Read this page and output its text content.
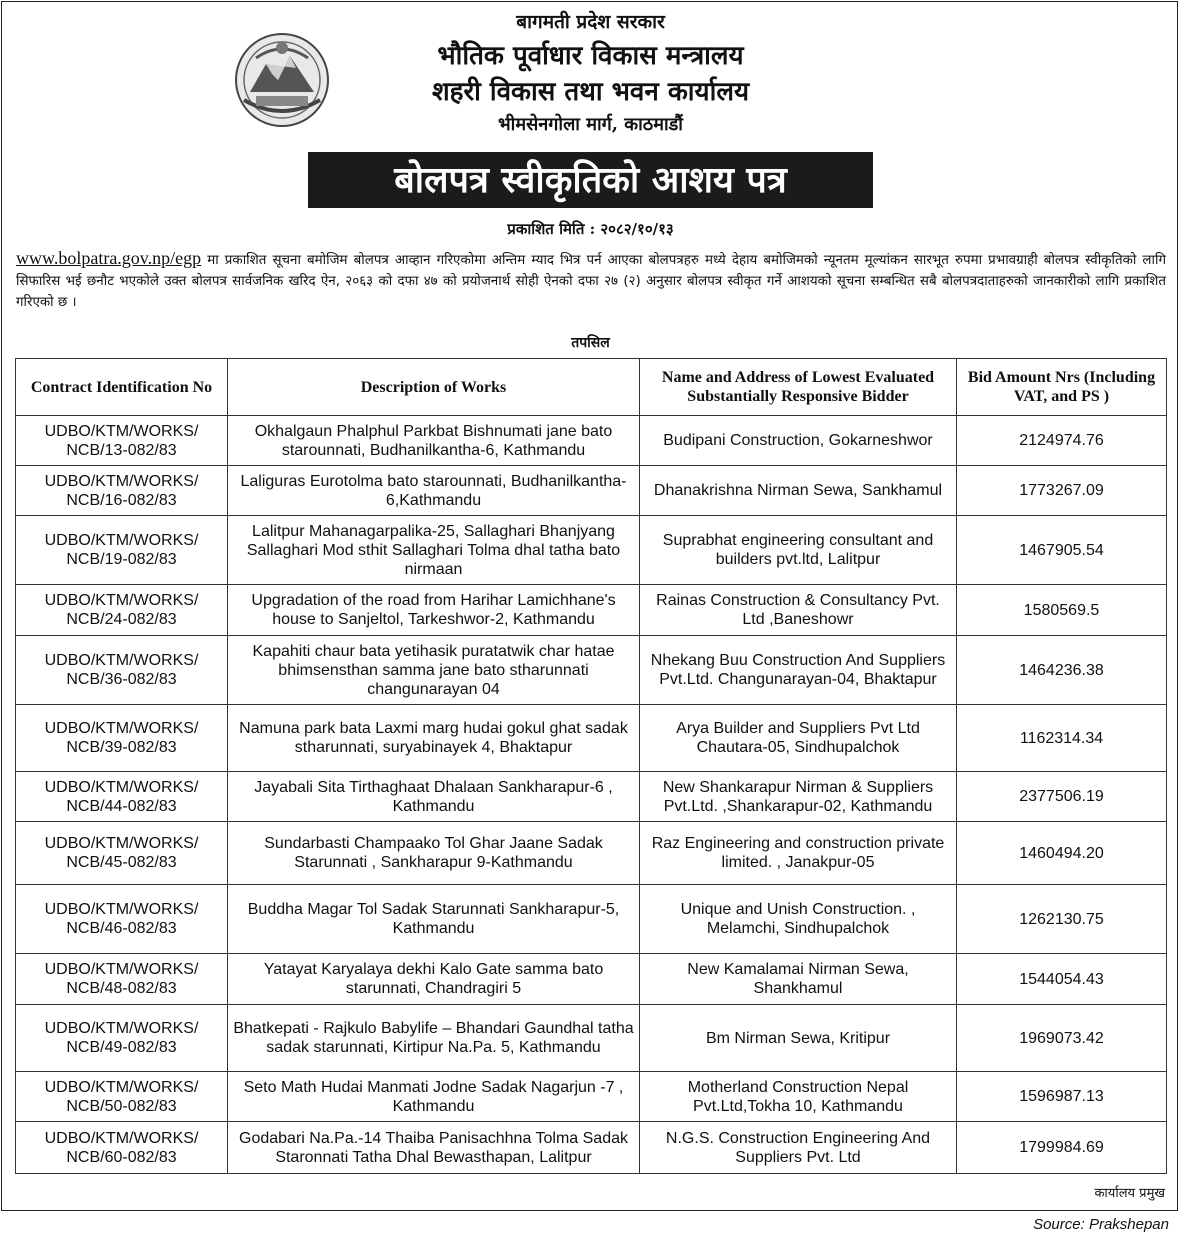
बागमती प्रदेश सरकार
भौतिक पूर्वाधार विकास मन्त्रालय
शहरी विकास तथा भवन कार्यालय
भीमसेनगोला मार्ग, काठमाडौं
बोलपत्र स्वीकृतिको आशय पत्र
प्रकाशित मिति : २०८२/१०/१३
www.bolpatra.gov.np/egp मा प्रकाशित सूचना बमोजिम बोलपत्र आव्हान गरिएकोमा अन्तिम म्याद भित्र पर्न आएका बोलपत्रहरु मध्ये देहाय बमोजिमको न्यूनतम मूल्यांकन सारभूत रुपमा प्रभावग्राही बोलपत्र स्वीकृतिको लागि सिफारिस भई छनौट भएकोले उक्त बोलपत्र सार्वजनिक खरिद ऐन, २०६३ को दफा ४७ को प्रयोजनार्थ सोही ऐनको दफा २७ (२) अनुसार बोलपत्र स्वीकृत गर्ने आशयको सूचना सम्बन्धित सबै बोलपत्रदाताहरुको जानकारीको लागि प्रकाशित गरिएको छ ।
तपसिल
Contract Identification No	Description of Works	Name and Address of Lowest Evaluated Substantially Responsive Bidder	Bid Amount Nrs (Including VAT, and PS )
UDBO/KTM/WORKS/ NCB/13-082/83	Okhalgaun Phalphul Parkbat Bishnumati jane bato starounnati, Budhanilkantha-6, Kathmandu	Budipani Construction, Gokarneshwor	2124974.76
UDBO/KTM/WORKS/ NCB/16-082/83	Laliguras Eurotolma bato starounnati, Budhanilkantha-6,Kathmandu	Dhanakrishna Nirman Sewa, Sankhamul	1773267.09
UDBO/KTM/WORKS/ NCB/19-082/83	Lalitpur Mahanagarpalika-25, Sallaghari Bhanjyang Sallaghari Mod sthit Sallaghari Tolma dhal tatha bato nirmaan	Suprabhat engineering consultant and builders pvt.ltd, Lalitpur	1467905.54
UDBO/KTM/WORKS/ NCB/24-082/83	Upgradation of the road from Harihar Lamichhane's house to Sanjeltol, Tarkeshwor-2, Kathmandu	Rainas Construction & Consultancy Pvt. Ltd ,Baneshowr	1580569.5
UDBO/KTM/WORKS/ NCB/36-082/83	Kapahiti chaur bata yetihasik puratatwik char hatae bhimsensthan samma jane bato stharunnati changunarayan 04	Nhekang Buu Construction And Suppliers Pvt.Ltd. Changunarayan-04, Bhaktapur	1464236.38
UDBO/KTM/WORKS/ NCB/39-082/83	Namuna park bata Laxmi marg hudai gokul ghat sadak stharunnati, suryabinayek 4, Bhaktapur	Arya Builder and Suppliers Pvt Ltd Chautara-05, Sindhupalchok	1162314.34
UDBO/KTM/WORKS/ NCB/44-082/83	Jayabali Sita Tirthaghaat Dhalaan Sankharapur-6 , Kathmandu	New Shankarapur Nirman & Suppliers Pvt.Ltd. ,Shankarapur-02, Kathmandu	2377506.19
UDBO/KTM/WORKS/ NCB/45-082/83	Sundarbasti Champaako Tol Ghar Jaane Sadak Starunnati , Sankharapur 9-Kathmandu	Raz Engineering and construction private limited. , Janakpur-05	1460494.20
UDBO/KTM/WORKS/ NCB/46-082/83	Buddha Magar Tol Sadak Starunnati Sankharapur-5, Kathmandu	Unique and Unish Construction. , Melamchi, Sindhupalchok	1262130.75
UDBO/KTM/WORKS/ NCB/48-082/83	Yatayat Karyalaya dekhi Kalo Gate samma bato starunnati, Chandragiri 5	New Kamalamai Nirman Sewa, Shankhamul	1544054.43
UDBO/KTM/WORKS/ NCB/49-082/83	Bhatkepati - Rajkulo Babylife – Bhandari Gaundhal tatha sadak starunnati, Kirtipur Na.Pa. 5, Kathmandu	Bm Nirman Sewa, Kritipur	1969073.42
UDBO/KTM/WORKS/ NCB/50-082/83	Seto Math Hudai Manmati Jodne Sadak Nagarjun -7 , Kathmandu	Motherland Construction Nepal Pvt.Ltd,Tokha 10, Kathmandu	1596987.13
UDBO/KTM/WORKS/ NCB/60-082/83	Godabari Na.Pa.-14 Thaiba Panisachhna Tolma Sadak Staronnati Tatha Dhal Bewasthapan, Lalitpur	N.G.S. Construction Engineering And Suppliers Pvt. Ltd	1799984.69
कार्यालय प्रमुख
Source: Prakshepan
